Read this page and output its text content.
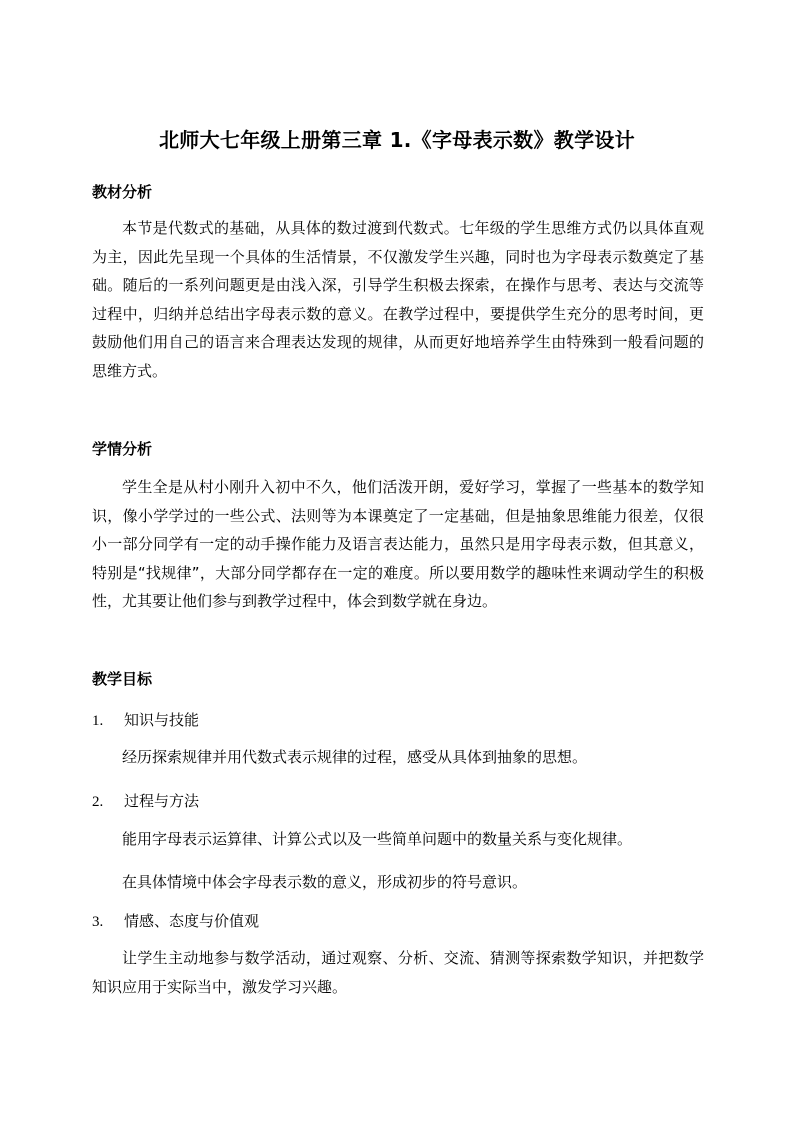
北师大七年级上册第三章 1.《字母表示数》教学设计
教材分析

本节是代数式的基础，从具体的数过渡到代数式。七年级的学生思维方式仍以具体直观为主，因此先呈现一个具体的生活情景，不仅激发学生兴趣，同时也为字母表示数奠定了基础。随后的一系列问题更是由浅入深，引导学生积极去探索，在操作与思考、表达与交流等过程中，归纳并总结出字母表示数的意义。在教学过程中，要提供学生充分的思考时间，更鼓励他们用自己的语言来合理表达发现的规律，从而更好地培养学生由特殊到一般看问题的思维方式。

学情分析

学生全是从村小刚升入初中不久，他们活泼开朗，爱好学习，掌握了一些基本的数学知识，像小学学过的一些公式、法则等为本课奠定了一定基础，但是抽象思维能力很差，仅很小一部分同学有一定的动手操作能力及语言表达能力，虽然只是用字母表示数，但其意义，特别是“找规律”，大部分同学都存在一定的难度。所以要用数学的趣味性来调动学生的积极性，尤其要让他们参与到教学过程中，体会到数学就在身边。

教学目标

1. 知识与技能

经历探索规律并用代数式表示规律的过程，感受从具体到抽象的思想。

2. 过程与方法

能用字母表示运算律、计算公式以及一些简单问题中的数量关系与变化规律。

在具体情境中体会字母表示数的意义，形成初步的符号意识。

3. 情感、态度与价值观

让学生主动地参与数学活动，通过观察、分析、交流、猜测等探索数学知识，并把数学知识应用于实际当中，激发学习兴趣。
